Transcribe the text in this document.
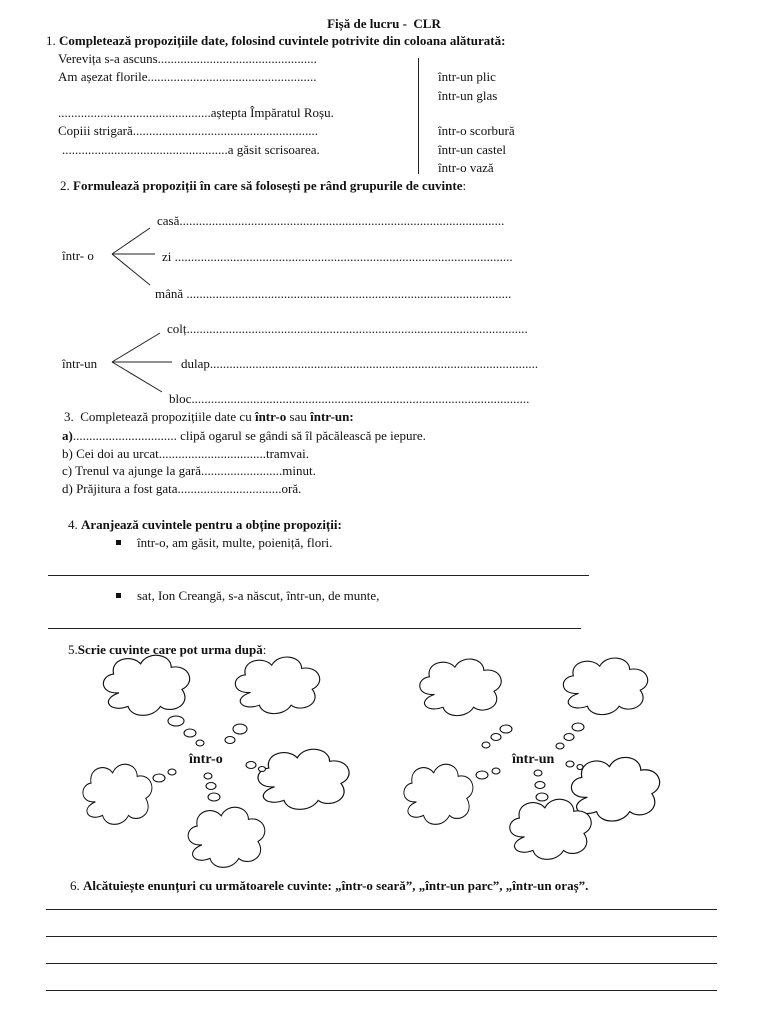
Fișă de lucru - CLR
1. Completează propozițiile date, folosind cuvintele potrivite din coloana alăturată:
Verevița s-a ascuns.................................................
Am așezat florile....................................................
...............................................așteptа Împăratul Roșu.
Copiii strigară.........................................................
...................................................a găsit scrisoarea.
într-un plic
într-un glas
într-o scorbură
într-un castel
într-o vază
2. Formulează propoziții în care să folosești pe rând grupurile de cuvinte:
într- o
casă....................................................................................................
zi ........................................................................................................
mână ....................................................................................................
într-un
colț.........................................................................................................
dulap.....................................................................................................
bloc........................................................................................................
3. Completează propozițiile date cu într-o sau într-un:
a)................................ clipă ogarul se gândi să îl păcălească pe iepure.
b) Cei doi au urcat.................................tramvai.
c) Trenul va ajunge la gară.........................minut.
d) Prăjitura a fost gata................................oră.
4. Aranjează cuvintele pentru a obține propoziții:
într-o, am găsit, multe, poieniță, flori.
sat, Ion Creangă, s-a născut, într-un, de munte,
5.Scrie cuvinte care pot urma după:
într-o	într-un
6. Alcătuiește enunțuri cu următoarele cuvinte: „într-o seară”, „într-un parc”, „într-un oraș”.
